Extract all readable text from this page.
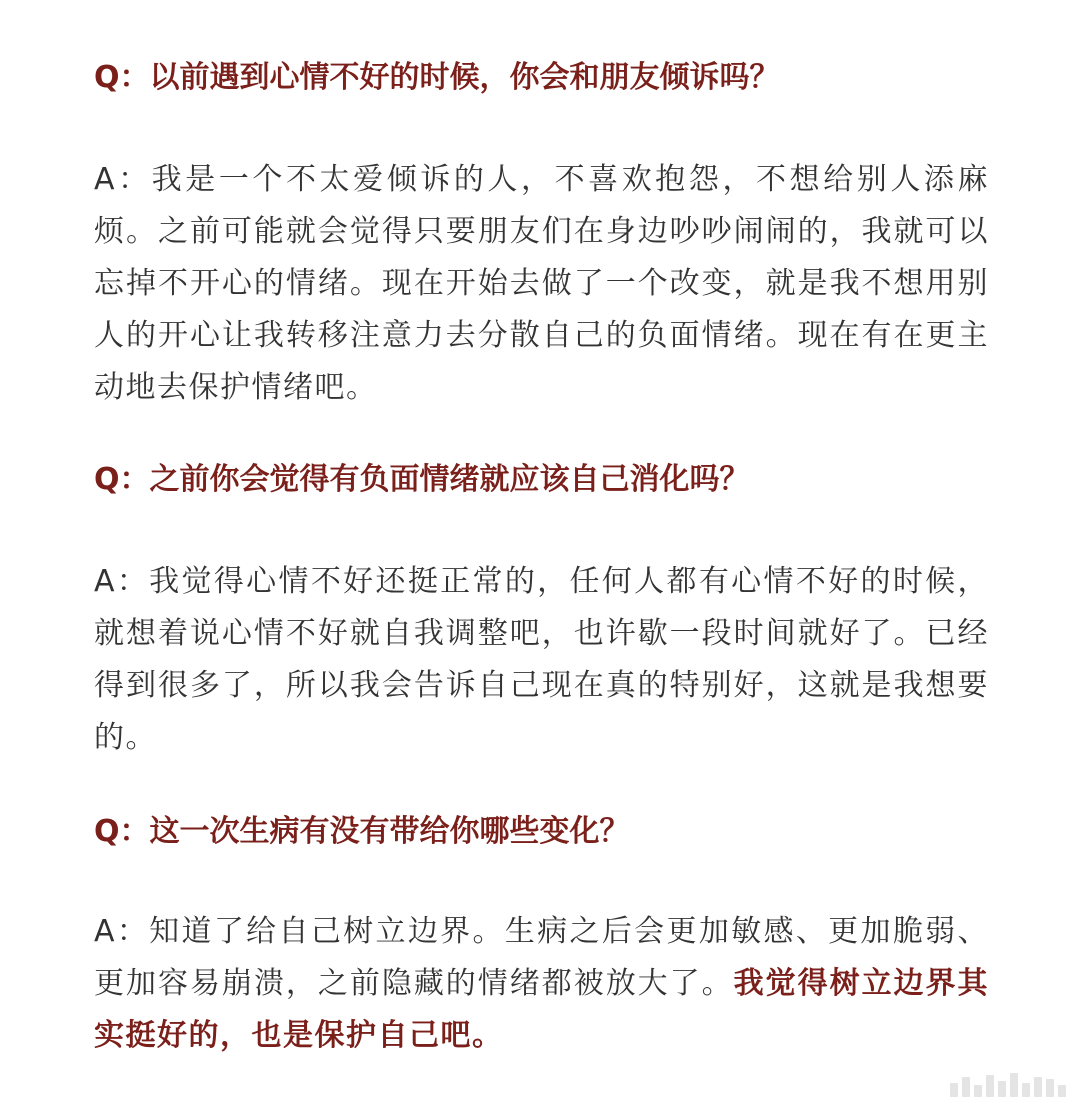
Q：以前遇到心情不好的时候，你会和朋友倾诉吗？
A：我是一个不太爱倾诉的人，不喜欢抱怨，不想给别人添麻烦。之前可能就会觉得只要朋友们在身边吵吵闹闹的，我就可以忘掉不开心的情绪。现在开始去做了一个改变，就是我不想用别人的开心让我转移注意力去分散自己的负面情绪。现在有在更主动地去保护情绪吧。
Q：之前你会觉得有负面情绪就应该自己消化吗？
A：我觉得心情不好还挺正常的，任何人都有心情不好的时候，就想着说心情不好就自我调整吧，也许歇一段时间就好了。已经得到很多了，所以我会告诉自己现在真的特别好，这就是我想要的。
Q：这一次生病有没有带给你哪些变化？
A：知道了给自己树立边界。生病之后会更加敏感、更加脆弱、更加容易崩溃，之前隐藏的情绪都被放大了。我觉得树立边界其实挺好的，也是保护自己吧。
